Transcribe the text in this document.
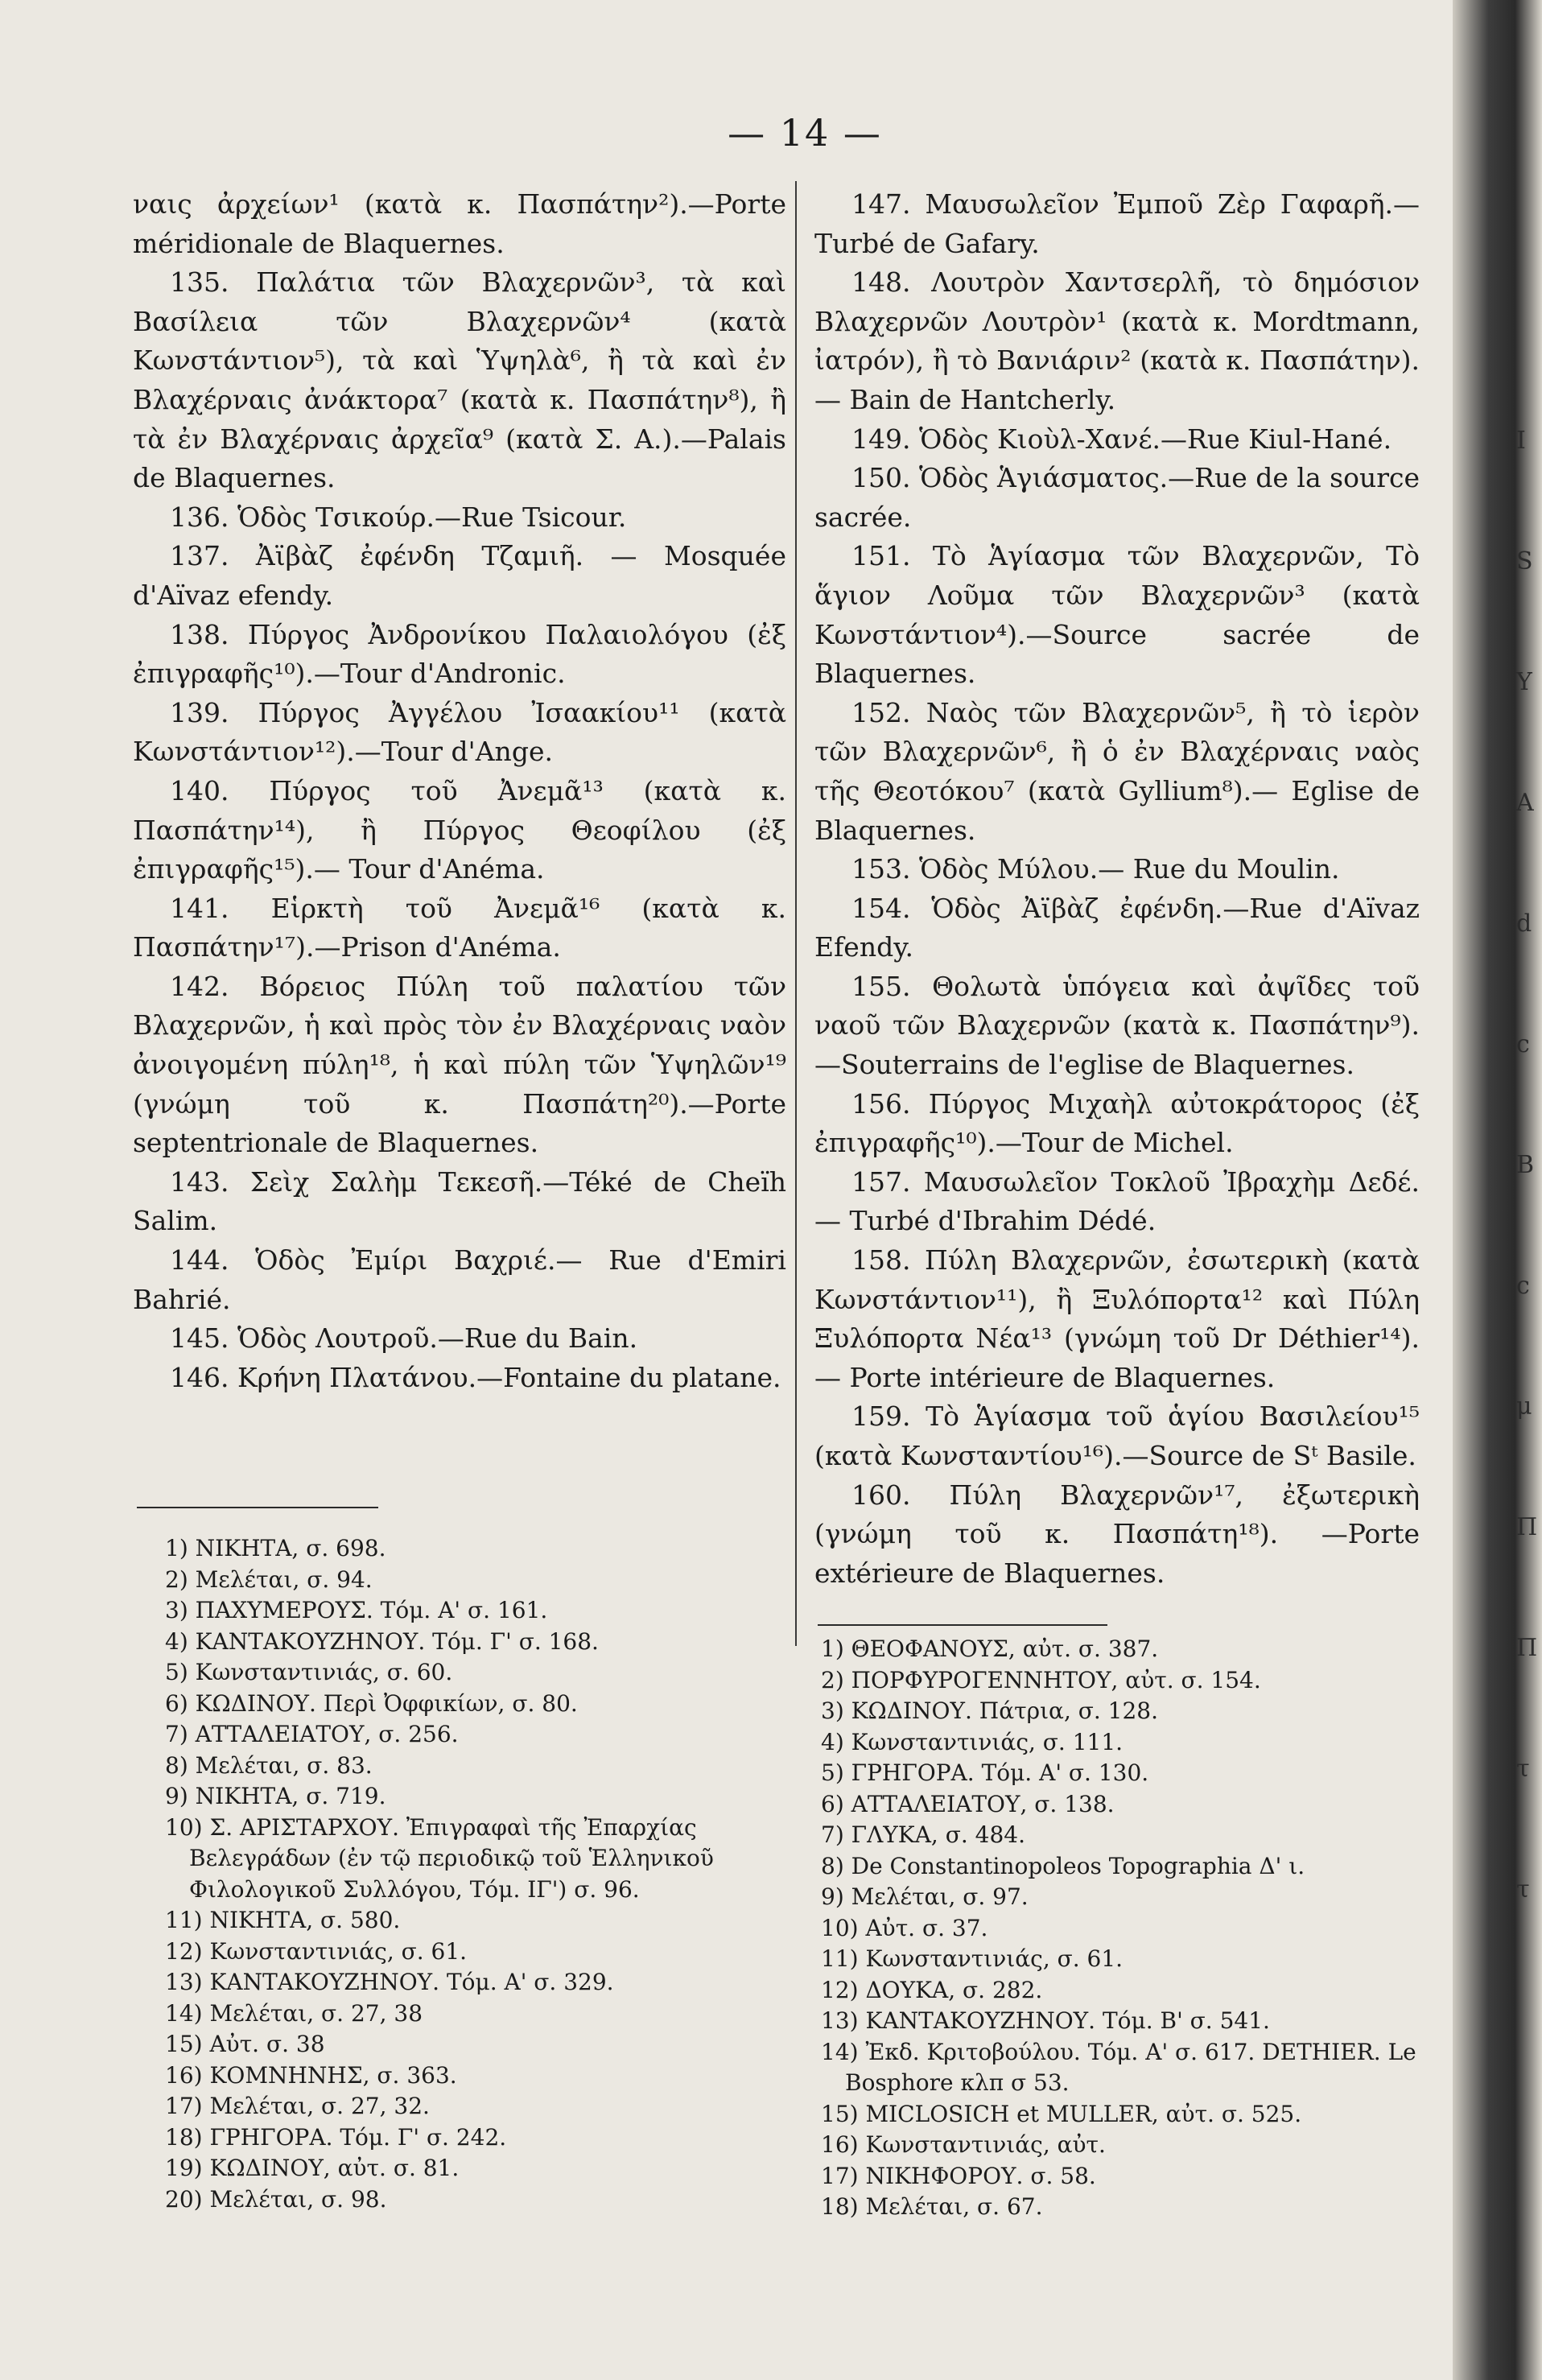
— 14 —

ναις ἀρχείων¹ (κατὰ κ. Πασπάτην²).—Porte méridionale de Blaquernes.

135. Παλάτια τῶν Βλαχερνῶν³, τὰ καὶ Βασίλεια τῶν Βλαχερνῶν⁴ (κατὰ Κωνστάντιον⁵), τὰ καὶ Ὑψηλὰ⁶, ἢ τὰ καὶ ἐν Βλαχέρναις ἀνάκτορα⁷ (κατὰ κ. Πασπάτην⁸), ἢ τὰ ἐν Βλαχέρναις ἀρχεῖα⁹ (κατὰ Σ. Α.).—Palais de Blaquernes.

136. Ὁδὸς Τσικούρ.—Rue Tsicour.

137. Ἀϊβὰζ ἐφένδη Τζαμιῆ. — Mosquée d'Aïvaz efendy.

138. Πύργος Ἀνδρονίκου Παλαιολόγου (ἐξ ἐπιγραφῆς¹⁰).—Tour d'Andronic.

139. Πύργος Ἀγγέλου Ἰσαακίου¹¹ (κατὰ Κωνστάντιον¹²).—Tour d'Ange.

140. Πύργος τοῦ Ἀνεμᾶ¹³ (κατὰ κ. Πασπάτην¹⁴), ἢ Πύργος Θεοφίλου (ἐξ ἐπιγραφῆς¹⁵).— Tour d'Anéma.

141. Εἱρκτὴ τοῦ Ἀνεμᾶ¹⁶ (κατὰ κ. Πασπάτην¹⁷).—Prison d'Anéma.

142. Βόρειος Πύλη τοῦ παλατίου τῶν Βλαχερνῶν, ἡ καὶ πρὸς τὸν ἐν Βλαχέρναις ναὸν ἀνοιγομένη πύλη¹⁸, ἡ καὶ πύλη τῶν Ὑψηλῶν¹⁹ (γνώμη τοῦ κ. Πασπάτη²⁰).—Porte septentrionale de Blaquernes.

143. Σεὶχ Σαλὴμ Τεκεσῆ.—Téké de Cheïh Salim.

144. Ὁδὸς Ἐμίρι Βαχριέ.— Rue d'Emiri Bahrié.

145. Ὁδὸς Λουτροῦ.—Rue du Bain.

146. Κρήνη Πλατάνου.—Fontaine du platane.

147. Μαυσωλεῖον Ἐμποῦ Ζὲρ Γαφαρῆ.— Turbé de Gafary.

148. Λουτρὸν Χαντσερλῆ, τὸ δημόσιον Βλαχερνῶν Λουτρὸν¹ (κατὰ κ. Mordtmann, ἰατρόν), ἢ τὸ Βανιάριν² (κατὰ κ. Πασπάτην).— Bain de Hantcherly.

149. Ὁδὸς Κιοὺλ-Χανέ.—Rue Kiul-Hané.

150. Ὁδὸς Ἁγιάσματος.—Rue de la source sacrée.

151. Τὸ Ἁγίασμα τῶν Βλαχερνῶν, Τὸ ἅγιον Λοῦμα τῶν Βλαχερνῶν³ (κατὰ Κωνστάντιον⁴).—Source sacrée de Blaquernes.

152. Ναὸς τῶν Βλαχερνῶν⁵, ἢ τὸ ἱερὸν τῶν Βλαχερνῶν⁶, ἢ ὁ ἐν Βλαχέρναις ναὸς τῆς Θεοτόκου⁷ (κατὰ Gyllium⁸).— Eglise de Blaquernes.

153. Ὁδὸς Μύλου.— Rue du Moulin.

154. Ὁδὸς Ἀϊβὰζ ἐφένδη.—Rue d'Aïvaz Efendy.

155. Θολωτὰ ὑπόγεια καὶ ἀψῖδες τοῦ ναοῦ τῶν Βλαχερνῶν (κατὰ κ. Πασπάτην⁹).—Souterrains de l'eglise de Blaquernes.

156. Πύργος Μιχαὴλ αὐτοκράτορος (ἐξ ἐπιγραφῆς¹⁰).—Tour de Michel.

157. Μαυσωλεῖον Τοκλοῦ Ἰβραχὴμ Δεδέ.— Turbé d'Ibrahim Dédé.

158. Πύλη Βλαχερνῶν, ἐσωτερικὴ (κατὰ Κωνστάντιον¹¹), ἢ Ξυλόπορτα¹² καὶ Πύλη Ξυλόπορτα Νέα¹³ (γνώμη τοῦ Dr Déthier¹⁴).— Porte intérieure de Blaquernes.

159. Τὸ Ἁγίασμα τοῦ ἁγίου Βασιλείου¹⁵ (κατὰ Κωνσταντίου¹⁶).—Source de Sᵗ Basile.

160. Πύλη Βλαχερνῶν¹⁷, ἐξωτερικὴ (γνώμη τοῦ κ. Πασπάτη¹⁸). —Porte extérieure de Blaquernes.

1) ΝΙΚΗΤΑ, σ. 698.

2) Μελέται, σ. 94.

3) ΠΑΧΥΜΕΡΟΥΣ. Τόμ. Α' σ. 161.

4) ΚΑΝΤΑΚΟΥΖΗΝΟΥ. Τόμ. Γ' σ. 168.

5) Κωνσταντινιάς, σ. 60.

6) ΚΩΔΙΝΟΥ. Περὶ Ὀφφικίων, σ. 80.

7) ΑΤΤΑΛΕΙΑΤΟΥ, σ. 256.

8) Μελέται, σ. 83.

9) ΝΙΚΗΤΑ, σ. 719.

10) Σ. ΑΡΙΣΤΑΡΧΟΥ. Ἐπιγραφαὶ τῆς Ἐπαρχίας Βελεγράδων (ἐν τῷ περιοδικῷ τοῦ Ἑλληνικοῦ Φιλολογικοῦ Συλλόγου, Τόμ. ΙΓ') σ. 96.

11) ΝΙΚΗΤΑ, σ. 580.

12) Κωνσταντινιάς, σ. 61.

13) ΚΑΝΤΑΚΟΥΖΗΝΟΥ. Τόμ. Α' σ. 329.

14) Μελέται, σ. 27, 38

15) Αὐτ. σ. 38

16) ΚΟΜΝΗΝΗΣ, σ. 363.

17) Μελέται, σ. 27, 32.

18) ΓΡΗΓΟΡΑ. Τόμ. Γ' σ. 242.

19) ΚΩΔΙΝΟΥ, αὐτ. σ. 81.

20) Μελέται, σ. 98.

1) ΘΕΟΦΑΝΟΥΣ, αὐτ. σ. 387.

2) ΠΟΡΦΥΡΟΓΕΝΝΗΤΟΥ, αὐτ. σ. 154.

3) ΚΩΔΙΝΟΥ. Πάτρια, σ. 128.

4) Κωνσταντινιάς, σ. 111.

5) ΓΡΗΓΟΡΑ. Τόμ. Α' σ. 130.

6) ΑΤΤΑΛΕΙΑΤΟΥ, σ. 138.

7) ΓΛΥΚΑ, σ. 484.

8) De Constantinopoleos Topographia Δ' ι.

9) Μελέται, σ. 97.

10) Αὐτ. σ. 37.

11) Κωνσταντινιάς, σ. 61.

12) ΔΟΥΚΑ, σ. 282.

13) ΚΑΝΤΑΚΟΥΖΗΝΟΥ. Τόμ. Β' σ. 541.

14) Ἐκδ. Κριτοβούλου. Τόμ. Α' σ. 617. DETHIER. Le Bosphore κλπ σ 53.

15) MICLOSICH et MULLER, αὐτ. σ. 525.

16) Κωνσταντινιάς, αὐτ.

17) ΝΙΚΗΦΟΡΟΥ. σ. 58.

18) Μελέται, σ. 67.

I
S
Y
A
d
c
B
c
μ
Π
Π
τ
τ
